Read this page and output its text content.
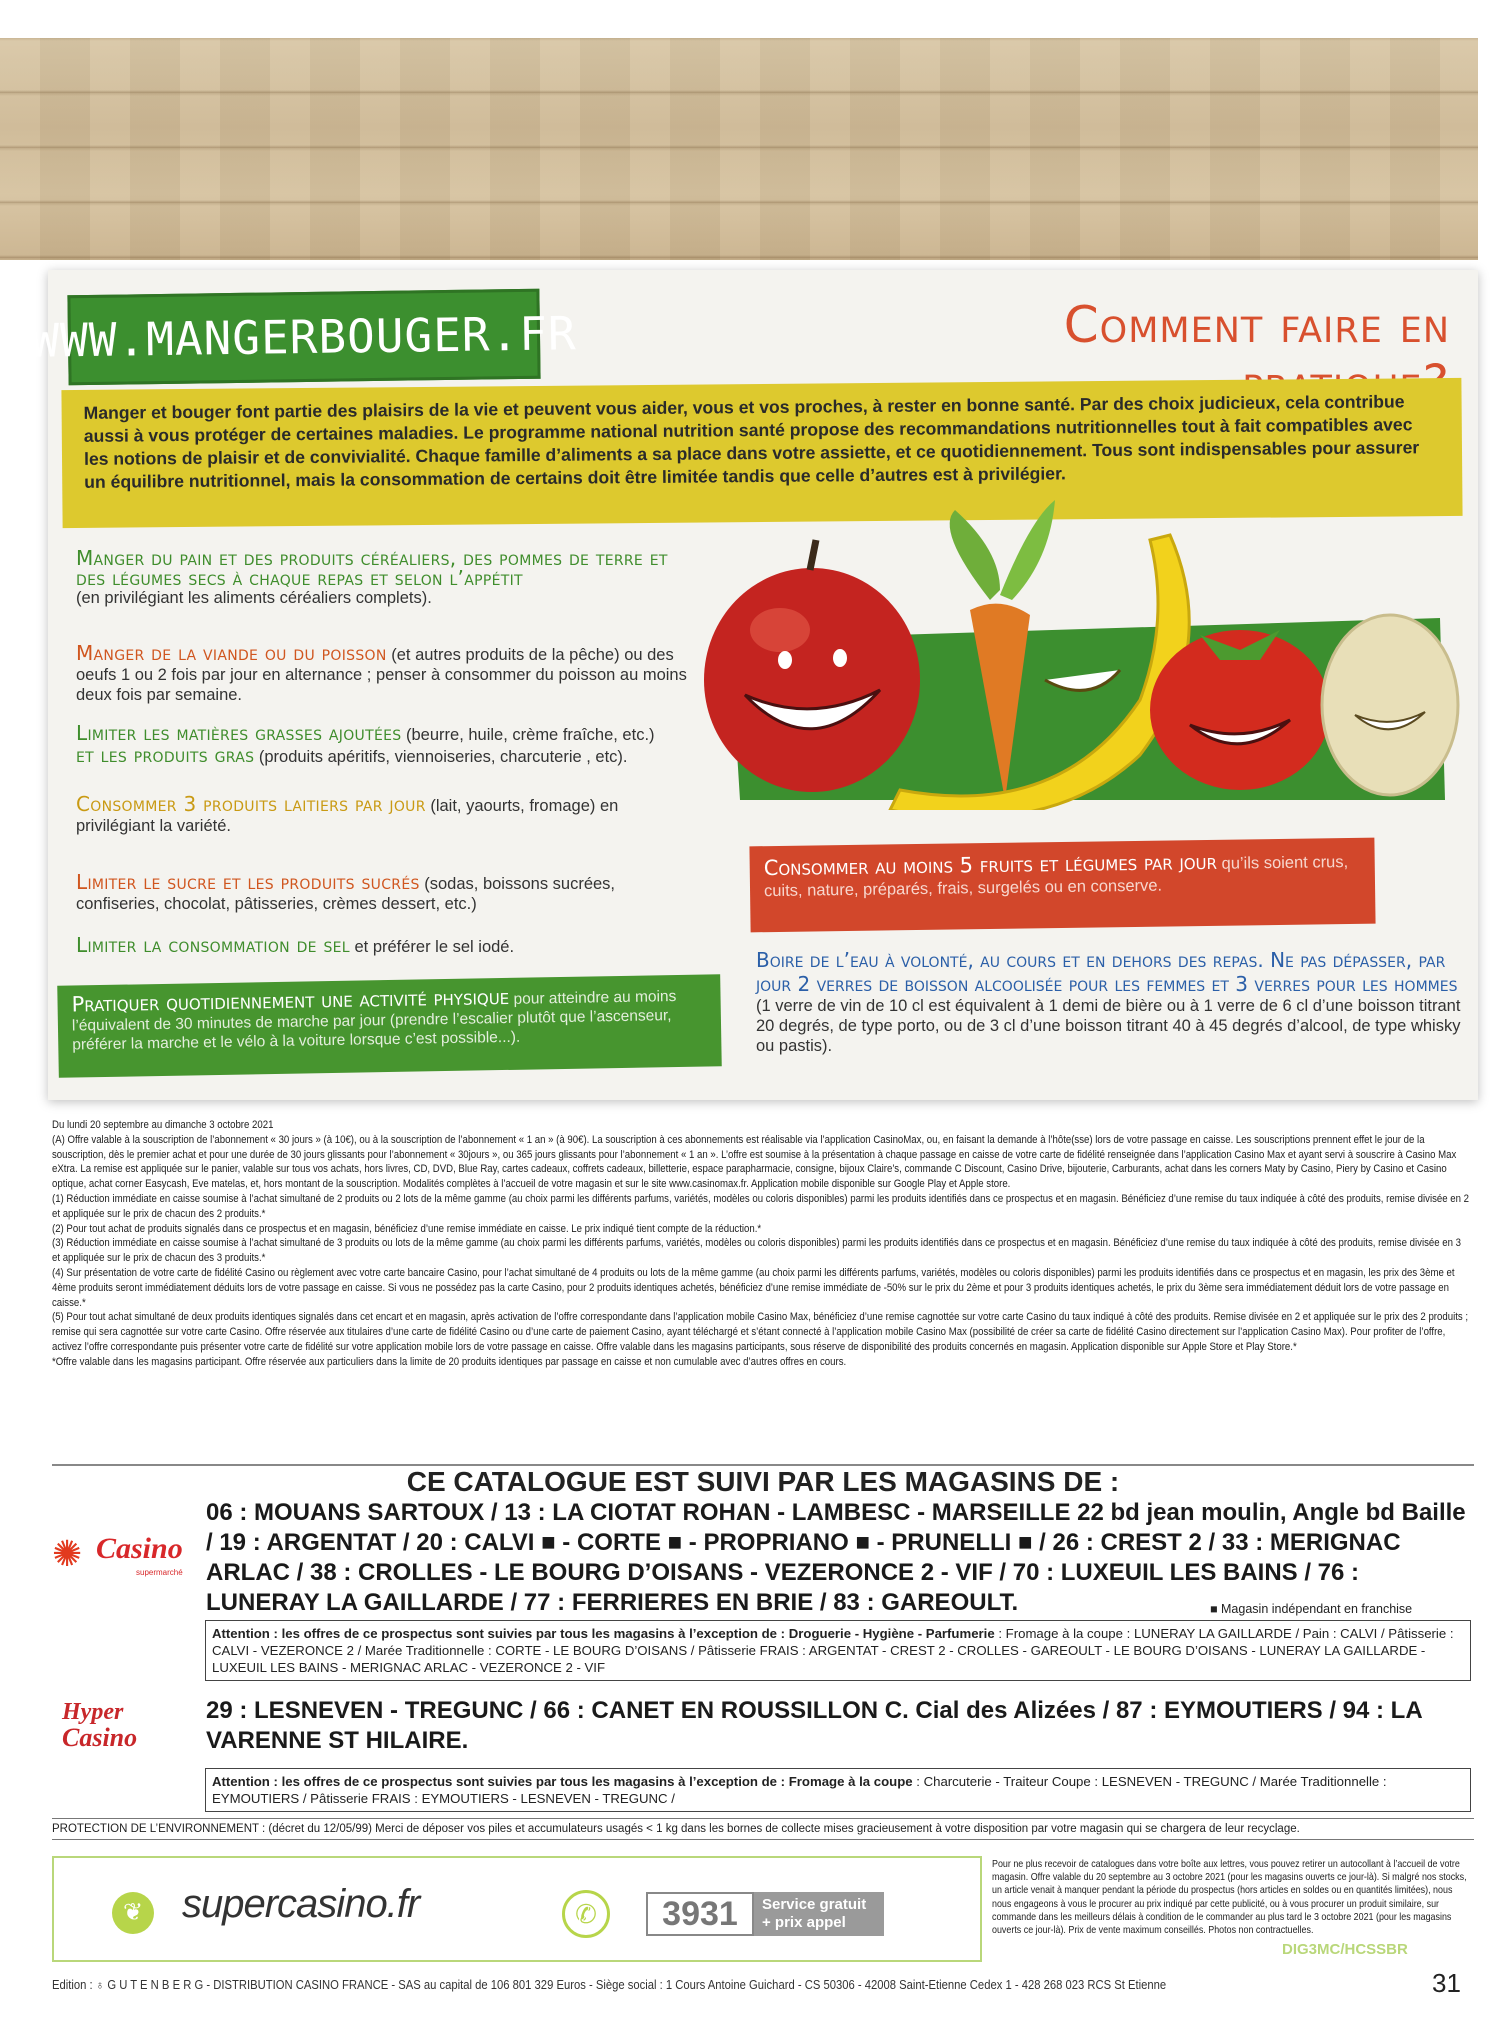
WWW.MANGERBOUGER.FR	Comment faire en
Manger et bouger font partie des plaisirs de la vie et peuvent vous aider, vous et vos proches, à rester en bonne santé. Par des choix judicieux, cela contribue aussi à vous protéger de certaines maladies. Le programme national nutrition santé propose des recommandations nutritionnelles tout à fait compatibles avec les notions de plaisir et de convivialité. Chaque famille d’aliments a sa place dans votre assiette, et ce quotidiennement. Tous sont indispensables pour assurer un équilibre nutritionnel, mais la consommation de certains doit être limitée tandis que celle d’autres est à privilégier.
Manger du pain et des produits céréaliers, des pommes de terre et des légumes secs à chaque repas et selon l’appétit
(en privilégiant les aliments céréaliers complets).
Manger de la viande ou du poisson (et autres produits de la pêche) ou des oeufs 1 ou 2 fois par jour en alternance ; penser à consommer du poisson au moins deux fois par semaine.
Limiter les matières grasses ajoutées (beurre, huile, crème fraîche, etc.)
et les produits gras (produits apéritifs, viennoiseries, charcuterie , etc).
Consommer 3 produits laitiers par jour (lait, yaourts, fromage) en privilégiant la variété.
Limiter le sucre et les produits sucrés (sodas, boissons sucrées, confiseries, chocolat, pâtisseries, crèmes dessert, etc.)
Limiter la consommation de sel et préférer le sel iodé.
Pratiquer quotidiennement une activité physique pour atteindre au moins l’équivalent de 30 minutes de marche par jour (prendre l’escalier plutôt que l’ascenseur, préférer la marche et le vélo à la voiture lorsque c’est possible...).
Consommer au moins 5 fruits et légumes par jour qu’ils soient crus, cuits, nature, préparés, frais, surgelés ou en conserve.
Boire de l’eau à volonté, au cours et en dehors des repas. Ne pas dépasser, par jour 2 verres de boisson alcoolisée pour les femmes et 3 verres pour les hommes
(1 verre de vin de 10 cl est équivalent à 1 demi de bière ou à 1 verre de 6 cl d’une boisson titrant 20 degrés, de type porto, ou de 3 cl d’une boisson titrant 40 à 45 degrés d’alcool, de type whisky ou pastis).

Du lundi 20 septembre au dimanche 3 octobre 2021

(A) Offre valable à la souscription de l’abonnement « 30 jours » (à 10€), ou à la souscription de l’abonnement « 1 an » (à 90€). La souscription à ces abonnements est réalisable via l’application CasinoMax, ou, en faisant la demande à l’hôte(sse) lors de votre passage en caisse. Les souscriptions prennent effet le jour de la souscription, dès le premier achat et pour une durée de 30 jours glissants pour l’abonnement « 30jours », ou 365 jours glissants pour l’abonnement « 1 an ». L’offre est soumise à la présentation à chaque passage en caisse de votre carte de fidélité renseignée dans l’application Casino Max et ayant servi à souscrire à Casino Max eXtra. La remise est appliquée sur le panier, valable sur tous vos achats, hors livres, CD, DVD, Blue Ray, cartes cadeaux, coffrets cadeaux, billetterie, espace parapharmacie, consigne, bijoux Claire’s, commande C Discount, Casino Drive, bijouterie, Carburants, achat dans les corners Maty by Casino, Piery by Casino et Casino optique, achat corner Easycash, Eve matelas, et, hors montant de la souscription. Modalités complètes à l’accueil de votre magasin et sur le site www.casinomax.fr. Application mobile disponible sur Google Play et Apple store.

(1) Réduction immédiate en caisse soumise à l’achat simultané de 2 produits ou 2 lots de la même gamme (au choix parmi les différents parfums, variétés, modèles ou coloris disponibles) parmi les produits identifiés dans ce prospectus et en magasin. Bénéficiez d’une remise du taux indiquée à côté des produits, remise divisée en 2 et appliquée sur le prix de chacun des 2 produits.*

(2) Pour tout achat de produits signalés dans ce prospectus et en magasin, bénéficiez d’une remise immédiate en caisse. Le prix indiqué tient compte de la réduction.*

(3) Réduction immédiate en caisse soumise à l’achat simultané de 3 produits ou lots de la même gamme (au choix parmi les différents parfums, variétés, modèles ou coloris disponibles) parmi les produits identifiés dans ce prospectus et en magasin. Bénéficiez d’une remise du taux indiquée à côté des produits, remise divisée en 3 et appliquée sur le prix de chacun des 3 produits.*

(4) Sur présentation de votre carte de fidélité Casino ou règlement avec votre carte bancaire Casino, pour l’achat simultané de 4 produits ou lots de la même gamme (au choix parmi les différents parfums, variétés, modèles ou coloris disponibles) parmi les produits identifiés dans ce prospectus et en magasin, les prix des 3ème et 4ème produits seront immédiatement déduits lors de votre passage en caisse. Si vous ne possédez pas la carte Casino, pour 2 produits identiques achetés, bénéficiez d’une remise immédiate de -50% sur le prix du 2ème et pour 3 produits identiques achetés, le prix du 3ème sera immédiatement déduit lors de votre passage en caisse.*

(5) Pour tout achat simultané de deux produits identiques signalés dans cet encart et en magasin, après activation de l’offre correspondante dans l’application mobile Casino Max, bénéficiez d’une remise cagnottée sur votre carte Casino du taux indiqué à côté des produits. Remise divisée en 2 et appliquée sur le prix des 2 produits ; remise qui sera cagnottée sur votre carte Casino. Offre réservée aux titulaires d’une carte de fidélité Casino ou d’une carte de paiement Casino, ayant téléchargé et s’étant connecté à l’application mobile Casino Max (possibilité de créer sa carte de fidélité Casino directement sur l’application Casino Max). Pour profiter de l’offre, activez l’offre correspondante puis présenter votre carte de fidélité sur votre application mobile lors de votre passage en caisse. Offre valable dans les magasins participants, sous réserve de disponibilité des produits concernés en magasin. Application disponible sur Apple Store et Play Store.*

*Offre valable dans les magasins participant. Offre réservée aux particuliers dans la limite de 20 produits identiques par passage en caisse et non cumulable avec d’autres offres en cours.

CE CATALOGUE EST SUIVI PAR LES MAGASINS DE :
✺ Casino
supermarché
06 : MOUANS SARTOUX / 13 : LA CIOTAT ROHAN - LAMBESC - MARSEILLE 22 bd jean moulin, Angle bd Baille / 19 : ARGENTAT / 20 : CALVI ■ - CORTE ■ - PROPRIANO ■ - PRUNELLI ■ / 26 : CREST 2 / 33 : MERIGNAC ARLAC / 38 : CROLLES - LE BOURG D’OISANS - VEZERONCE 2 - VIF / 70 : LUXEUIL LES BAINS / 76 : LUNERAY LA GAILLARDE / 77 : FERRIERES EN BRIE / 83 : GAREOULT.	■ Magasin indépendant en franchise
Attention : les offres de ce prospectus sont suivies par tous les magasins à l’exception de : Droguerie - Hygiène - Parfumerie : Fromage à la coupe : LUNERAY LA GAILLARDE / Pain : CALVI / Pâtisserie : CALVI - VEZERONCE 2 / Marée Traditionnelle : CORTE - LE BOURG D’OISANS / Pâtisserie FRAIS : ARGENTAT - CREST 2 - CROLLES - GAREOULT - LE BOURG D’OISANS - LUNERAY LA GAILLARDE - LUXEUIL LES BAINS - MERIGNAC ARLAC - VEZERONCE 2 - VIF
Hyper
Casino
29 : LESNEVEN - TREGUNC / 66 : CANET EN ROUSSILLON C. Cial des Alizées / 87 : EYMOUTIERS / 94 : LA VARENNE ST HILAIRE.
Attention : les offres de ce prospectus sont suivies par tous les magasins à l’exception de : Fromage à la coupe : Charcuterie - Traiteur Coupe : LESNEVEN - TREGUNC / Marée Traditionnelle : EYMOUTIERS / Pâtisserie FRAIS : EYMOUTIERS - LESNEVEN - TREGUNC /
PROTECTION DE L’ENVIRONNEMENT : (décret du 12/05/99) Merci de déposer vos piles et accumulateurs usagés < 1 kg dans les bornes de collecte mises gracieusement à votre disposition par votre magasin qui se chargera de leur recyclage.
❦ supercasino.fr	✆	3931	Service gratuit
+ prix appel
Pour ne plus recevoir de catalogues dans votre boîte aux lettres, vous pouvez retirer un autocollant à l’accueil de votre magasin. Offre valable du 20 septembre au 3 octobre 2021 (pour les magasins ouverts ce jour-là). Si malgré nos stocks, un article venait à manquer pendant la période du prospectus (hors articles en soldes ou en quantités limitées), nous nous engageons à vous le procurer au prix indiqué par cette publicité, ou à vous procurer un produit similaire, sur commande dans les meilleurs délais à condition de le commander au plus tard le 3 octobre 2021 (pour les magasins ouverts ce jour-là). Prix de vente maximum conseillés. Photos non contractuelles.
DIG3MC/HCSSBR
Edition : ♁ G U T E N B E R G - DISTRIBUTION CASINO FRANCE - SAS au capital de 106 801 329 Euros - Siège social : 1 Cours Antoine Guichard - CS 50306 - 42008 Saint-Etienne Cedex 1 - 428 268 023 RCS St Etienne	31
